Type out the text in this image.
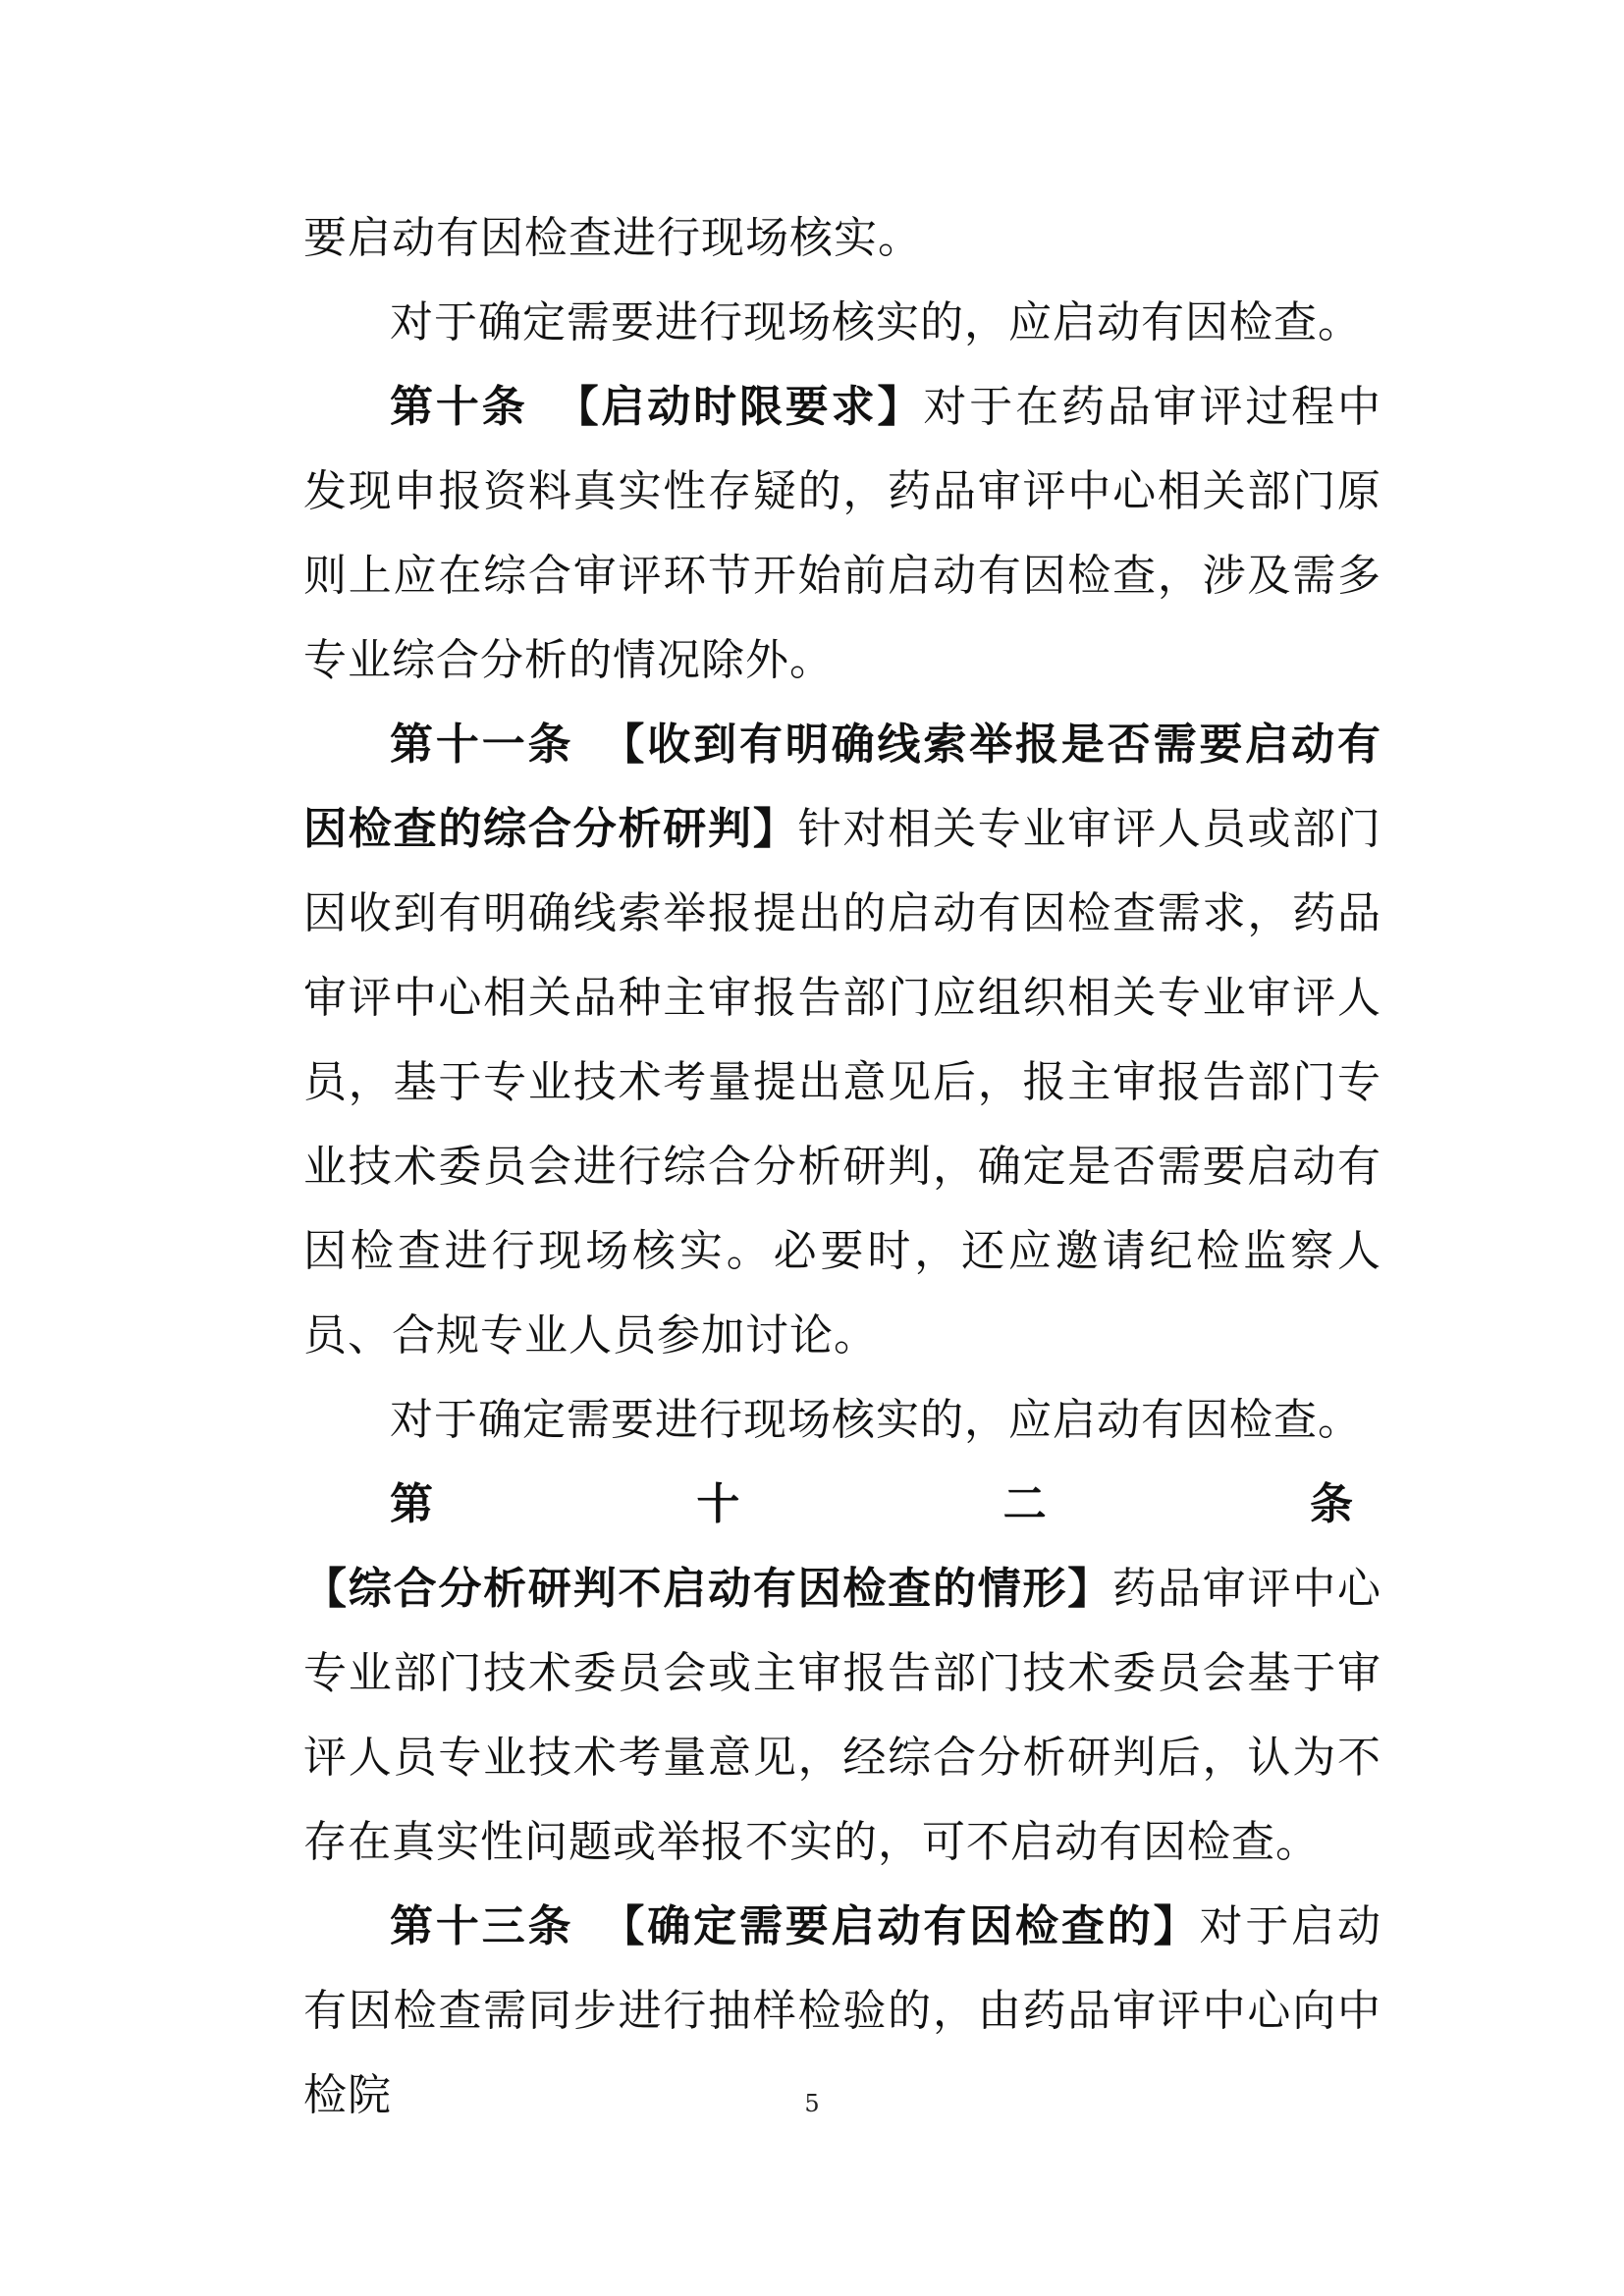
要启动有因检查进行现场核实。

对于确定需要进行现场核实的，应启动有因检查。

第十条 【启动时限要求】对于在药品审评过程中发现申报资料真实性存疑的，药品审评中心相关部门原则上应在综合审评环节开始前启动有因检查，涉及需多专业综合分析的情况除外。

第十一条 【收到有明确线索举报是否需要启动有因检查的综合分析研判】针对相关专业审评人员或部门因收到有明确线索举报提出的启动有因检查需求，药品审评中心相关品种主审报告部门应组织相关专业审评人员，基于专业技术考量提出意见后，报主审报告部门专业技术委员会进行综合分析研判，确定是否需要启动有因检查进行现场核实。必要时，还应邀请纪检监察人员、合规专业人员参加讨论。

对于确定需要进行现场核实的，应启动有因检查。

第十二条【综合分析研判不启动有因检查的情形】药品审评中心专业部门技术委员会或主审报告部门技术委员会基于审评人员专业技术考量意见，经综合分析研判后，认为不存在真实性问题或举报不实的，可不启动有因检查。

第十三条 【确定需要启动有因检查的】对于启动有因检查需同步进行抽样检验的，由药品审评中心向中检院	5
